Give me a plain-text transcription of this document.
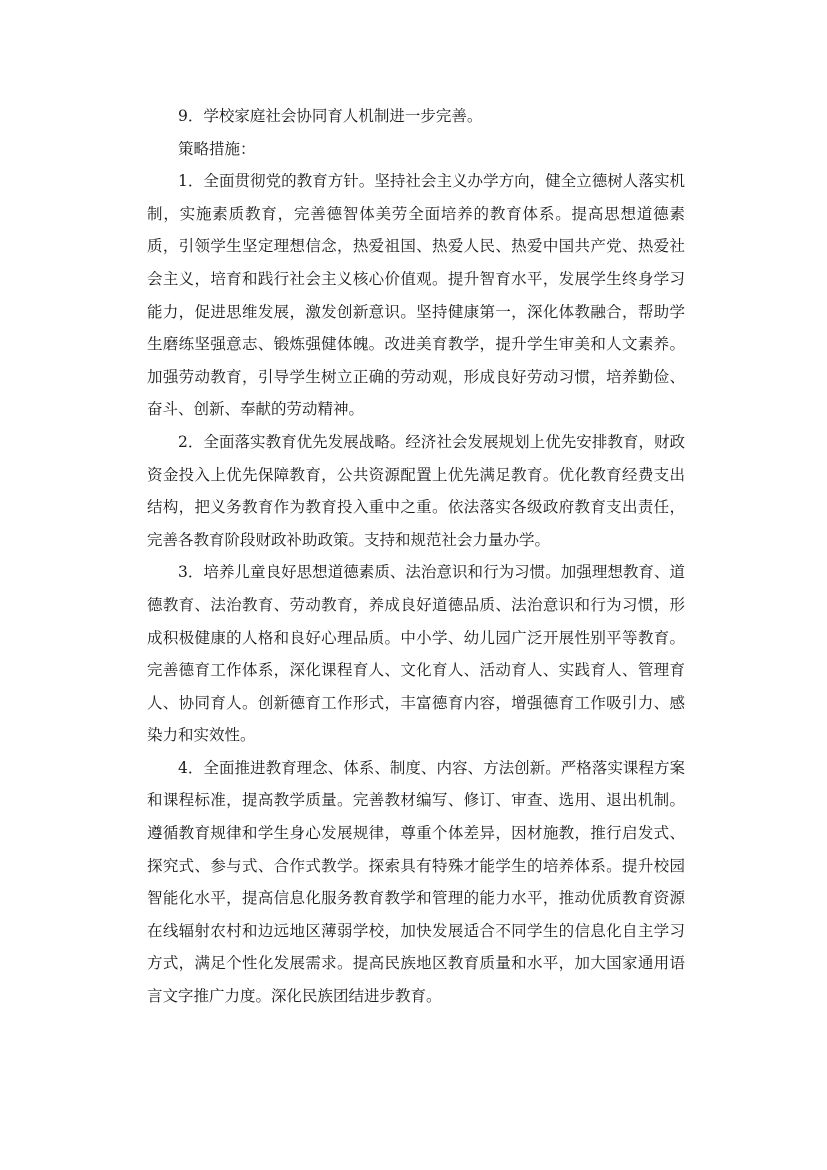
9．学校家庭社会协同育人机制进一步完善。

策略措施：

1．全面贯彻党的教育方针。坚持社会主义办学方向，健全立德树人落实机制，实施素质教育，完善德智体美劳全面培养的教育体系。提高思想道德素质，引领学生坚定理想信念，热爱祖国、热爱人民、热爱中国共产党、热爱社会主义，培育和践行社会主义核心价值观。提升智育水平，发展学生终身学习能力，促进思维发展，激发创新意识。坚持健康第一，深化体教融合，帮助学生磨练坚强意志、锻炼强健体魄。改进美育教学，提升学生审美和人文素养。加强劳动教育，引导学生树立正确的劳动观，形成良好劳动习惯，培养勤俭、奋斗、创新、奉献的劳动精神。

2．全面落实教育优先发展战略。经济社会发展规划上优先安排教育，财政资金投入上优先保障教育，公共资源配置上优先满足教育。优化教育经费支出结构，把义务教育作为教育投入重中之重。依法落实各级政府教育支出责任，完善各教育阶段财政补助政策。支持和规范社会力量办学。

3．培养儿童良好思想道德素质、法治意识和行为习惯。加强理想教育、道德教育、法治教育、劳动教育，养成良好道德品质、法治意识和行为习惯，形成积极健康的人格和良好心理品质。中小学、幼儿园广泛开展性别平等教育。完善德育工作体系，深化课程育人、文化育人、活动育人、实践育人、管理育人、协同育人。创新德育工作形式，丰富德育内容，增强德育工作吸引力、感染力和实效性。

4．全面推进教育理念、体系、制度、内容、方法创新。严格落实课程方案和课程标准，提高教学质量。完善教材编写、修订、审查、选用、退出机制。遵循教育规律和学生身心发展规律，尊重个体差异，因材施教，推行启发式、探究式、参与式、合作式教学。探索具有特殊才能学生的培养体系。提升校园智能化水平，提高信息化服务教育教学和管理的能力水平，推动优质教育资源在线辐射农村和边远地区薄弱学校，加快发展适合不同学生的信息化自主学习方式，满足个性化发展需求。提高民族地区教育质量和水平，加大国家通用语言文字推广力度。深化民族团结进步教育。
